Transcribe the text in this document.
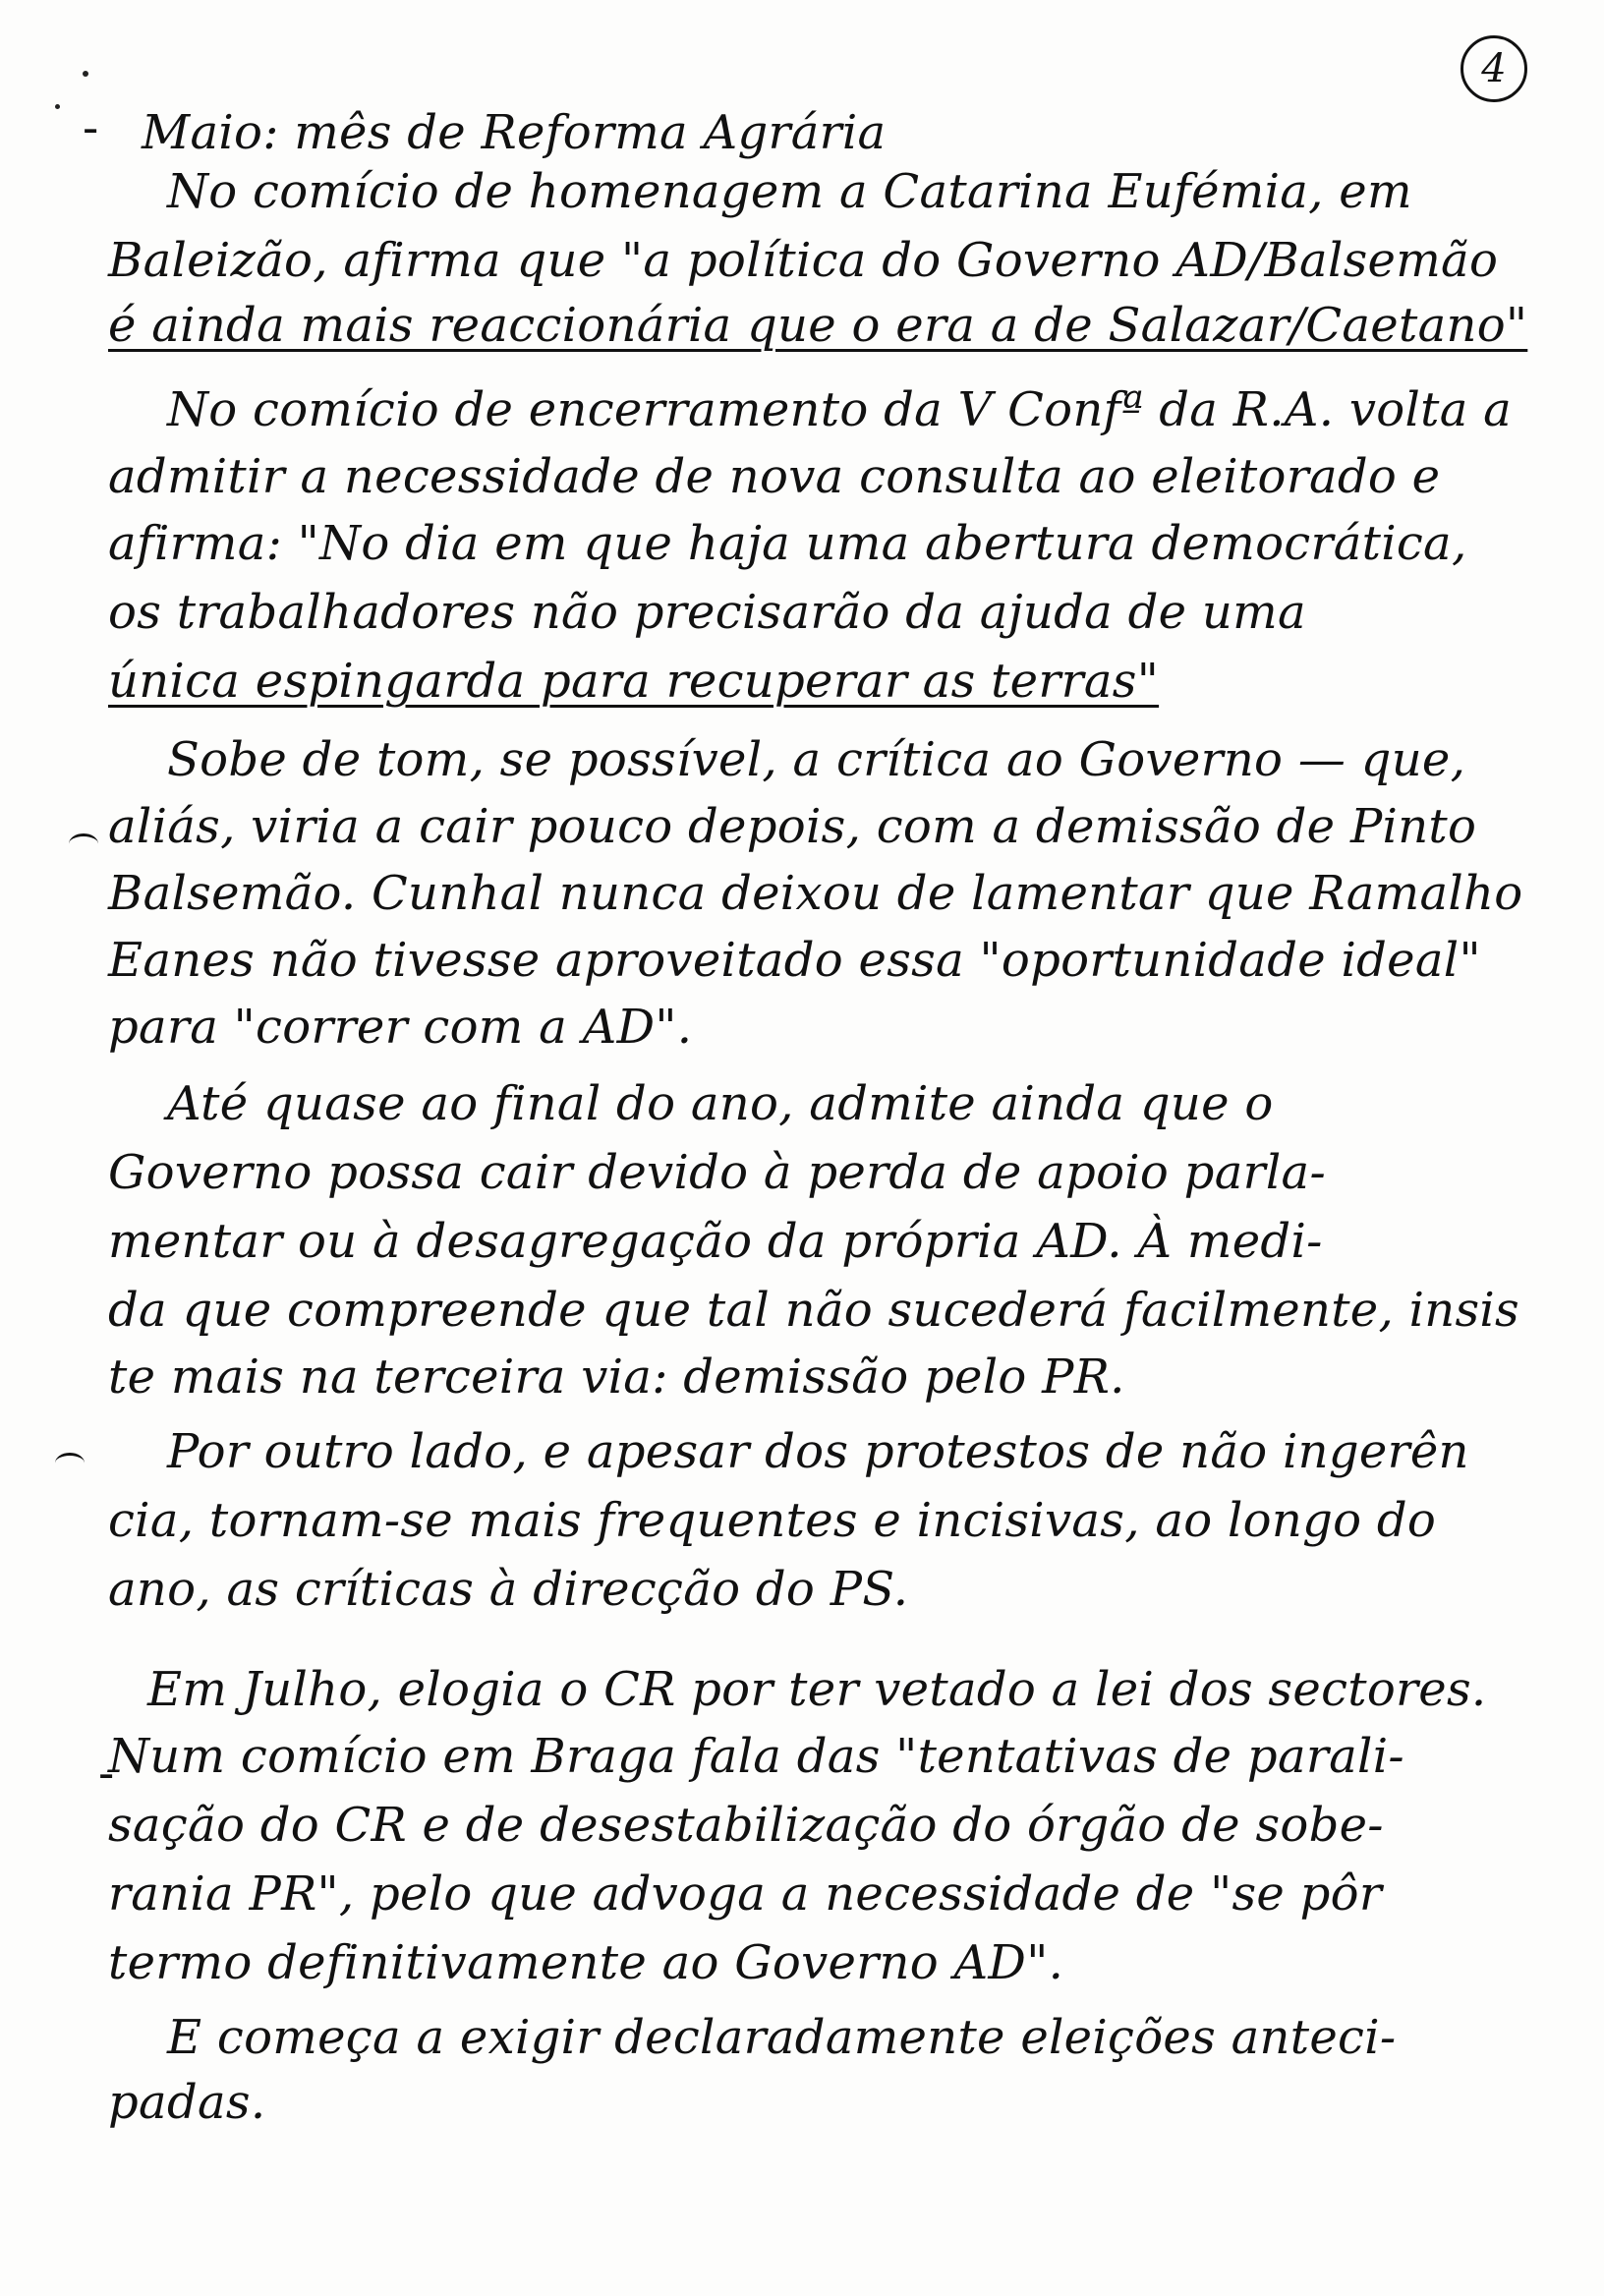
4
-
-
Maio: mês de Reforma Agrária
No comício de homenagem a Catarina Eufémia, em
Baleizão, afirma que "a política do Governo AD/Balsemão
é ainda mais reaccionária que o era a de Salazar/Caetano"
No comício de encerramento da V Confª da R.A. volta a
admitir a necessidade de nova consulta ao eleitorado e
afirma: "No dia em que haja uma abertura democrática,
os trabalhadores não precisarão da ajuda de uma
única espingarda para recuperar as terras"
Sobe de tom, se possível, a crítica ao Governo — que,
aliás, viria a cair pouco depois, com a demissão de Pinto
Balsemão. Cunhal nunca deixou de lamentar que Ramalho
Eanes não tivesse aproveitado essa "oportunidade ideal"
para "correr com a AD".
Até quase ao final do ano, admite ainda que o
Governo possa cair devido à perda de apoio parla-
mentar ou à desagregação da própria AD. À medi-
da que compreende que tal não sucederá facilmente, insis
te mais na terceira via: demissão pelo PR.
Por outro lado, e apesar dos protestos de não ingerên
cia, tornam-se mais frequentes e incisivas, ao longo do
ano, as críticas à direcção do PS.
Em Julho, elogia o CR por ter vetado a lei dos sectores.
Num comício em Braga fala das "tentativas de parali-
sação do CR e de desestabilização do órgão de sobe-
rania PR", pelo que advoga a necessidade de "se pôr
termo definitivamente ao Governo AD".
E começa a exigir declaradamente eleições anteci-
padas.
